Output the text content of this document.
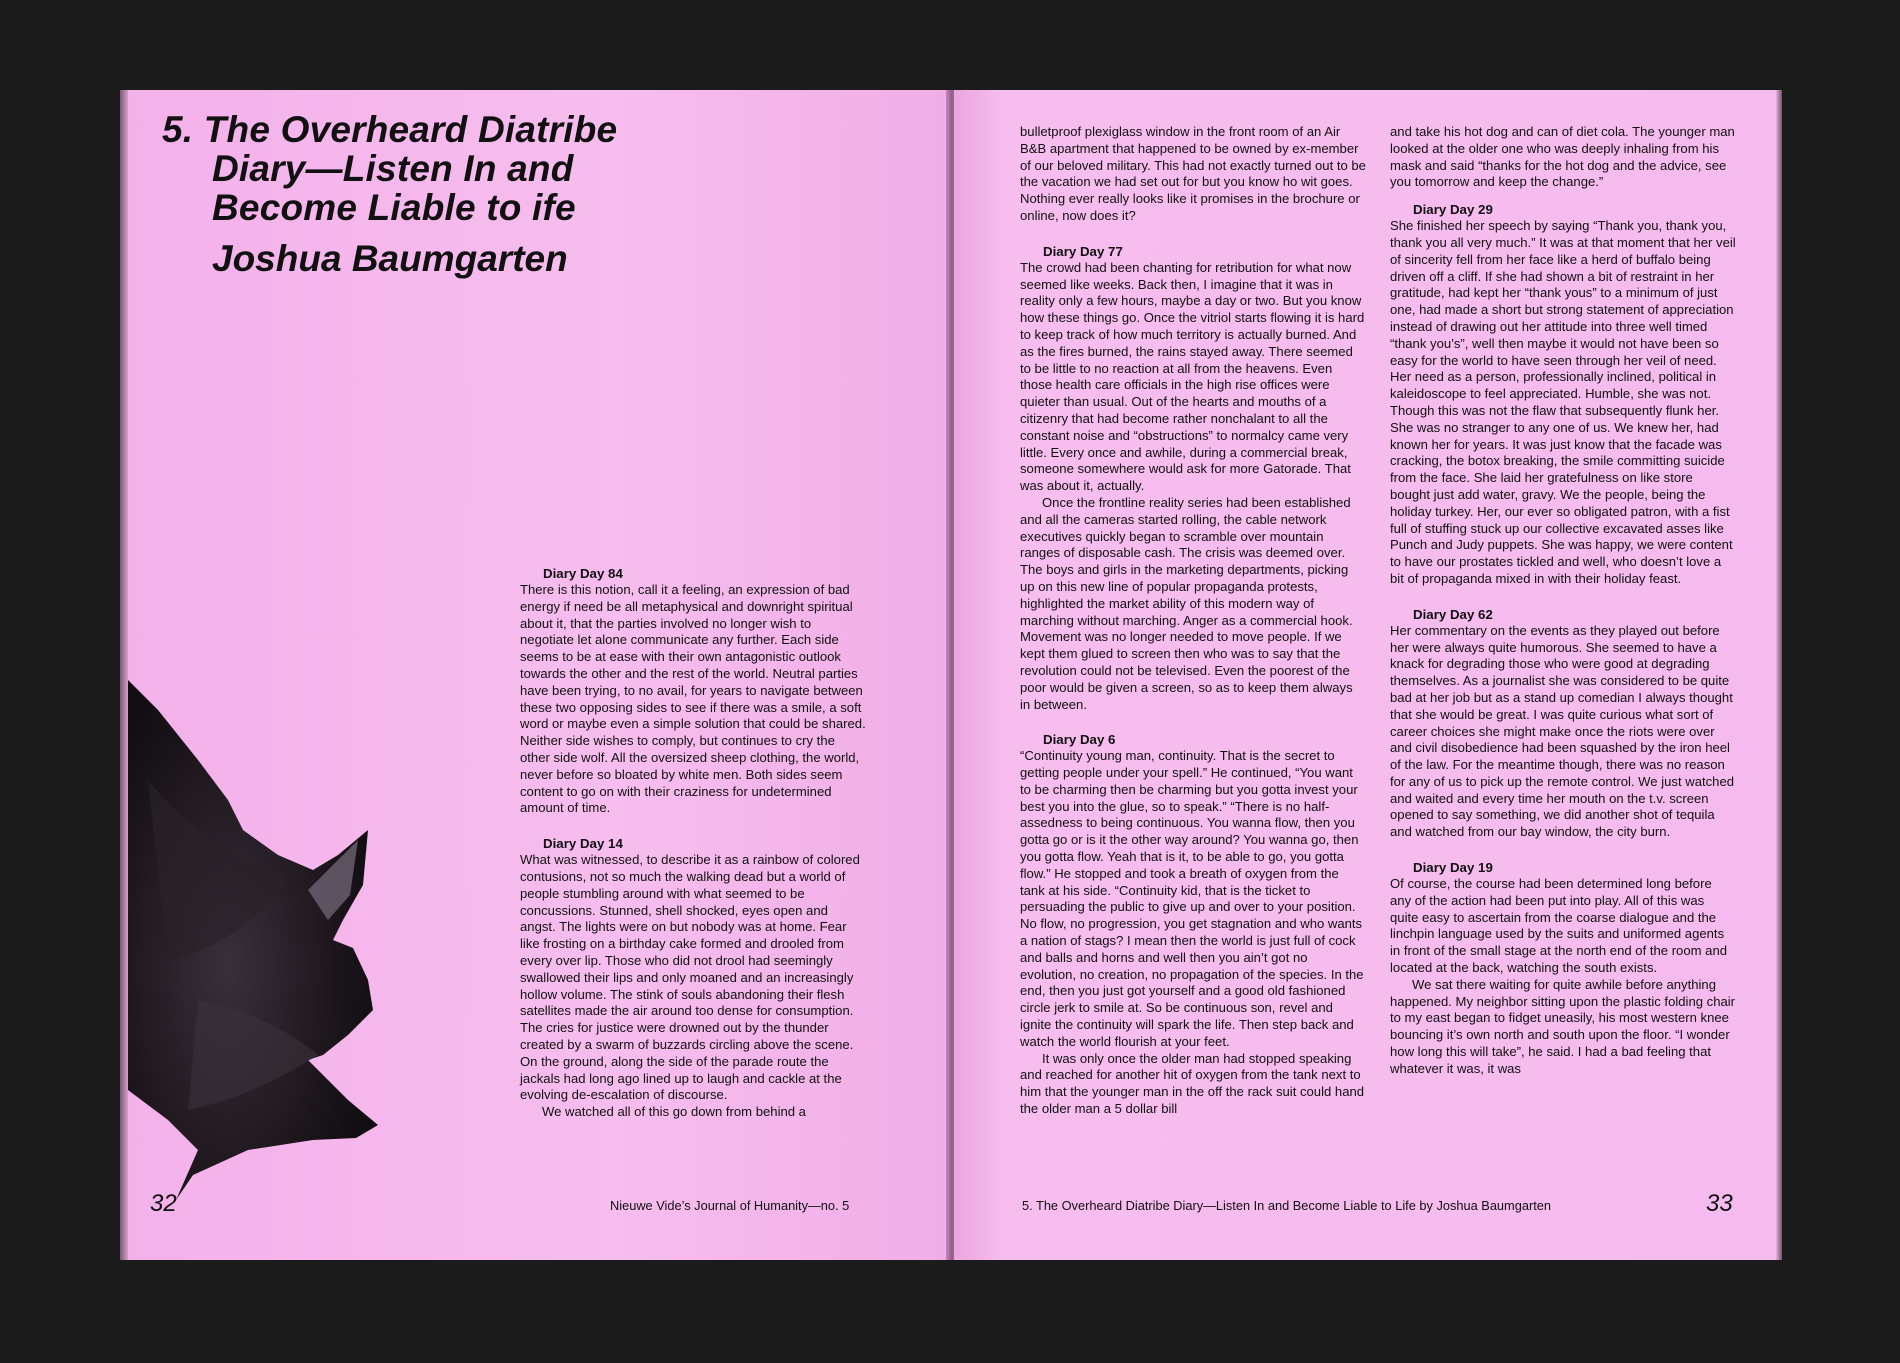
5. The Overheard Diatribe
Diary—Listen In and
Become Liable to ife
Joshua Baumgarten
Diary Day 84

There is this notion, call it a feeling, an expression of bad energy if need be all metaphysical and downright spiritual about it, that the parties involved no longer wish to negotiate let alone communicate any further. Each side seems to be at ease with their own antagonistic outlook towards the other and the rest of the world. Neutral parties have been trying, to no avail, for years to navigate between these two opposing sides to see if there was a smile, a soft word or maybe even a simple solution that could be shared. Neither side wishes to comply, but continues to cry the other side wolf. All the oversized sheep clothing, the world, never before so bloated by white men. Both sides seem content to go on with their craziness for undetermined amount of time.

Diary Day 14

What was witnessed, to describe it as a rainbow of colored contusions, not so much the walking dead but a world of people stumbling around with what seemed to be concussions. Stunned, shell shocked, eyes open and angst. The lights were on but nobody was at home. Fear like frosting on a birthday cake formed and drooled from every over lip. Those who did not drool had seemingly swallowed their lips and only moaned and an increasingly hollow volume. The stink of souls abandoning their flesh satellites made the air around too dense for consumption. The cries for justice were drowned out by the thunder created by a swarm of buzzards circling above the scene. On the ground, along the side of the parade route the jackals had long ago lined up to laugh and cackle at the evolving de-escalation of discourse.

We watched all of this go down from behind a

32	Nieuwe Vide’s Journal of Humanity—no. 5

bulletproof plexiglass window in the front room of an Air B&B apartment that happened to be owned by ex-member of our beloved military. This had not exactly turned out to be the vacation we had set out for but you know ho wit goes. Nothing ever really looks like it promises in the brochure or online, now does it?

Diary Day 77

The crowd had been chanting for retribution for what now seemed like weeks. Back then, I imagine that it was in reality only a few hours, maybe a day or two. But you know how these things go. Once the vitriol starts flowing it is hard to keep track of how much territory is actually burned. And as the fires burned, the rains stayed away. There seemed to be little to no reaction at all from the heavens. Even those health care officials in the high rise offices were quieter than usual. Out of the hearts and mouths of a citizenry that had become rather nonchalant to all the constant noise and “obstructions” to normalcy came very little. Every once and awhile, during a commercial break, someone somewhere would ask for more Gatorade. That was about it, actually.

Once the frontline reality series had been established and all the cameras started rolling, the cable network executives quickly began to scramble over mountain ranges of disposable cash. The crisis was deemed over. The boys and girls in the marketing departments, picking up on this new line of popular propaganda protests, highlighted the market ability of this modern way of marching without marching. Anger as a commercial hook. Movement was no longer needed to move people. If we kept them glued to screen then who was to say that the revolution could not be televised. Even the poorest of the poor would be given a screen, so as to keep them always in between.

Diary Day 6

“Continuity young man, continuity. That is the secret to getting people under your spell.” He continued, “You want to be charming then be charming but you gotta invest your best you into the glue, so to speak.” “There is no half-assedness to being continuous. You wanna flow, then you gotta go or is it the other way around? You wanna go, then you gotta flow. Yeah that is it, to be able to go, you gotta flow.” He stopped and took a breath of oxygen from the tank at his side. “Continuity kid, that is the ticket to persuading the public to give up and over to your position. No flow, no progression, you get stagnation and who wants a nation of stags? I mean then the world is just full of cock and balls and horns and well then you ain’t got no evolution, no creation, no propagation of the species. In the end, then you just got yourself and a good old fashioned circle jerk to smile at. So be continuous son, revel and ignite the continuity will spark the life. Then step back and watch the world flourish at your feet.

It was only once the older man had stopped speaking and reached for another hit of oxygen from the tank next to him that the younger man in the off the rack suit could hand the older man a 5 dollar bill

and take his hot dog and can of diet cola. The younger man looked at the older one who was deeply inhaling from his mask and said “thanks for the hot dog and the advice, see you tomorrow and keep the change.”

Diary Day 29

She finished her speech by saying “Thank you, thank you, thank you all very much.” It was at that moment that her veil of sincerity fell from her face like a herd of buffalo being driven off a cliff. If she had shown a bit of restraint in her gratitude, had kept her “thank yous” to a minimum of just one, had made a short but strong statement of appreciation instead of drawing out her attitude into three well timed “thank you’s”, well then maybe it would not have been so easy for the world to have seen through her veil of need. Her need as a person, professionally inclined, political in kaleidoscope to feel appreciated. Humble, she was not. Though this was not the flaw that subsequently flunk her. She was no stranger to any one of us. We knew her, had known her for years. It was just know that the facade was cracking, the botox breaking, the smile committing suicide from the face. She laid her gratefulness on like store bought just add water, gravy. We the people, being the holiday turkey. Her, our ever so obligated patron, with a fist full of stuffing stuck up our collective excavated asses like Punch and Judy puppets. She was happy, we were content to have our prostates tickled and well, who doesn’t love a bit of propaganda mixed in with their holiday feast.

Diary Day 62

Her commentary on the events as they played out before her were always quite humorous. She seemed to have a knack for degrading those who were good at degrading themselves. As a journalist she was considered to be quite bad at her job but as a stand up comedian I always thought that she would be great. I was quite curious what sort of career choices she might make once the riots were over and civil disobedience had been squashed by the iron heel of the law. For the meantime though, there was no reason for any of us to pick up the remote control. We just watched and waited and every time her mouth on the t.v. screen opened to say something, we did another shot of tequila and watched from our bay window, the city burn.

Diary Day 19

Of course, the course had been determined long before any of the action had been put into play. All of this was quite easy to ascertain from the coarse dialogue and the linchpin language used by the suits and uniformed agents in front of the small stage at the north end of the room and located at the back, watching the south exists.

We sat there waiting for quite awhile before anything happened. My neighbor sitting upon the plastic folding chair to my east began to fidget uneasily, his most western knee bouncing it’s own north and south upon the floor. “I wonder how long this will take”, he said. I had a bad feeling that whatever it was, it was

5. The Overheard Diatribe Diary—Listen In and Become Liable to Life by Joshua Baumgarten	33
